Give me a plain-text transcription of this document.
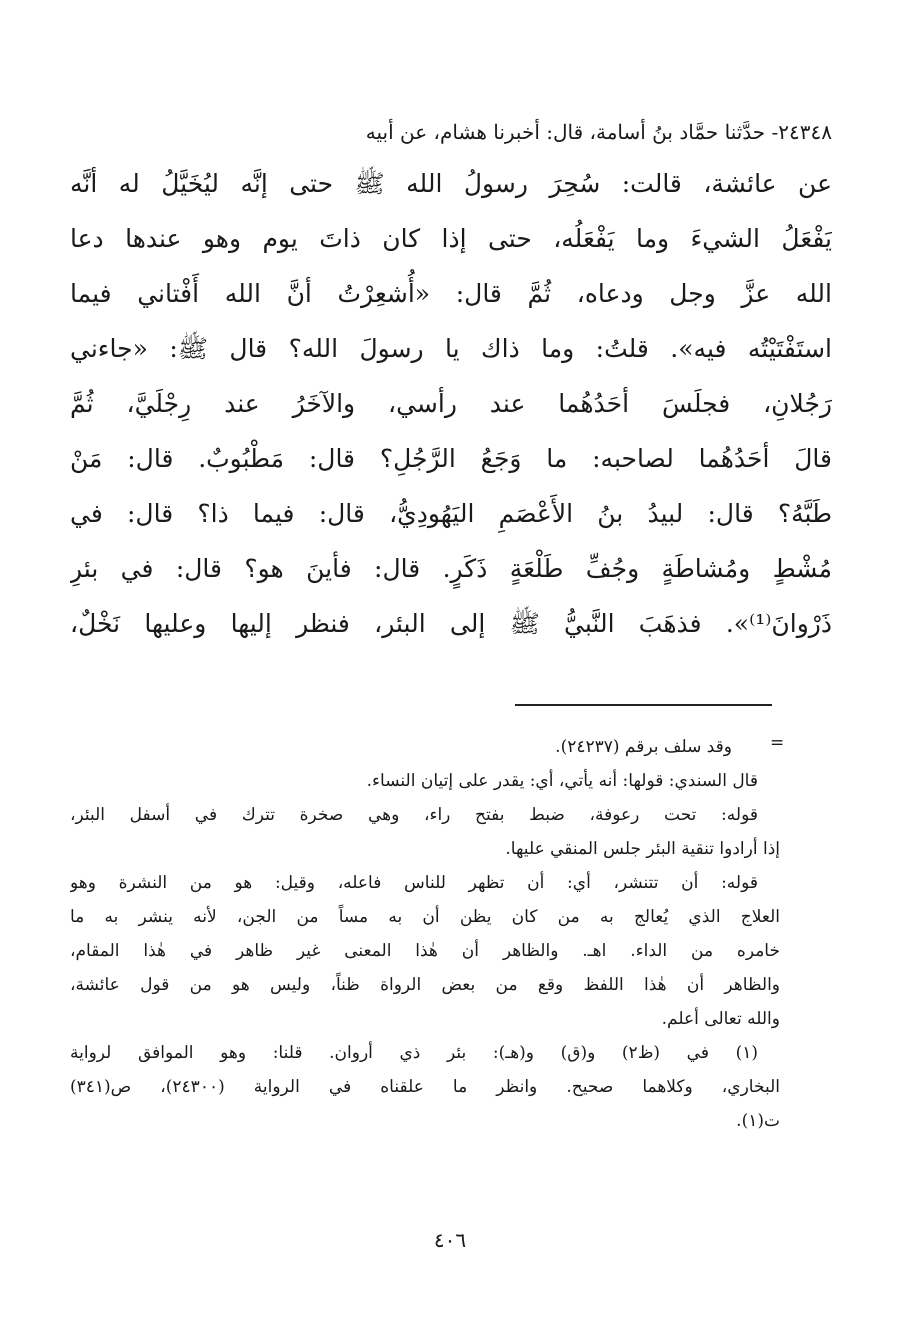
٢٤٣٤٨- حدَّثنا حمَّاد بنُ أسامة، قال: أخبرنا هشام، عن أبيه
عن عائشة، قالت: سُحِرَ رسولُ الله ﷺ حتى إنَّه ليُخَيَّلُ له أنَّه
يَفْعَلُ الشيءَ وما يَفْعَلُه، حتى إذا كان ذاتَ يوم وهو عندها دعا
الله عزَّ وجل ودعاه، ثُمَّ قال: «أُشعِرْتُ أنَّ الله أَفْتاني فيما
استَفْتَيْتُه فيه». قلتُ: وما ذاك يا رسولَ الله؟ قال ﷺ: «جاءني
رَجُلانِ، فجلَسَ أحَدُهُما عند رأسي، والآخَرُ عند رِجْلَيَّ، ثُمَّ
قالَ أحَدُهُما لصاحبه: ما وَجَعُ الرَّجُلِ؟ قال: مَطْبُوبٌ. قال: مَنْ
طَبَّهُ؟ قال: لبيدُ بنُ الأَعْصَمِ اليَهُودِيُّ، قال: فيما ذا؟ قال: في
مُشْطٍ ومُشاطَةٍ وجُفِّ طَلْعَةٍ ذَكَرٍ. قال: فأينَ هو؟ قال: في بئرِ
ذَرْوانَ⁽¹⁾». فذهَبَ النَّبيُّ ﷺ إلى البئر، فنظر إليها وعليها نَخْلٌ،
=
وقد سلف برقم (٢٤٢٣٧).
قال السندي: قولها: أنه يأتي، أي: يقدر على إتيان النساء.
قوله: تحت رعوفة، ضبط بفتح راء، وهي صخرة تترك في أسفل البئر،
إذا أرادوا تنقية البئر جلس المنقي عليها.
قوله: أن تتنشر، أي: أن تظهر للناس فاعله، وقيل: هو من النشرة وهو
العلاج الذي يُعالج به من كان يظن أن به مساً من الجن، لأنه ينشر به ما
خامره من الداء. اهـ. والظاهر أن هٰذا المعنى غير ظاهر في هٰذا المقام،
والظاهر أن هٰذا اللفظ وقع من بعض الرواة ظناً، وليس هو من قول عائشة،
والله تعالى أعلم.
(١) في (ظ٢) و(ق) و(هـ): بئر ذي أروان. قلنا: وهو الموافق لرواية
البخاري، وكلاهما صحيح. وانظر ما علقناه في الرواية (٢٤٣٠٠)، ص(٣٤١)
ت(١).
٤٠٦
